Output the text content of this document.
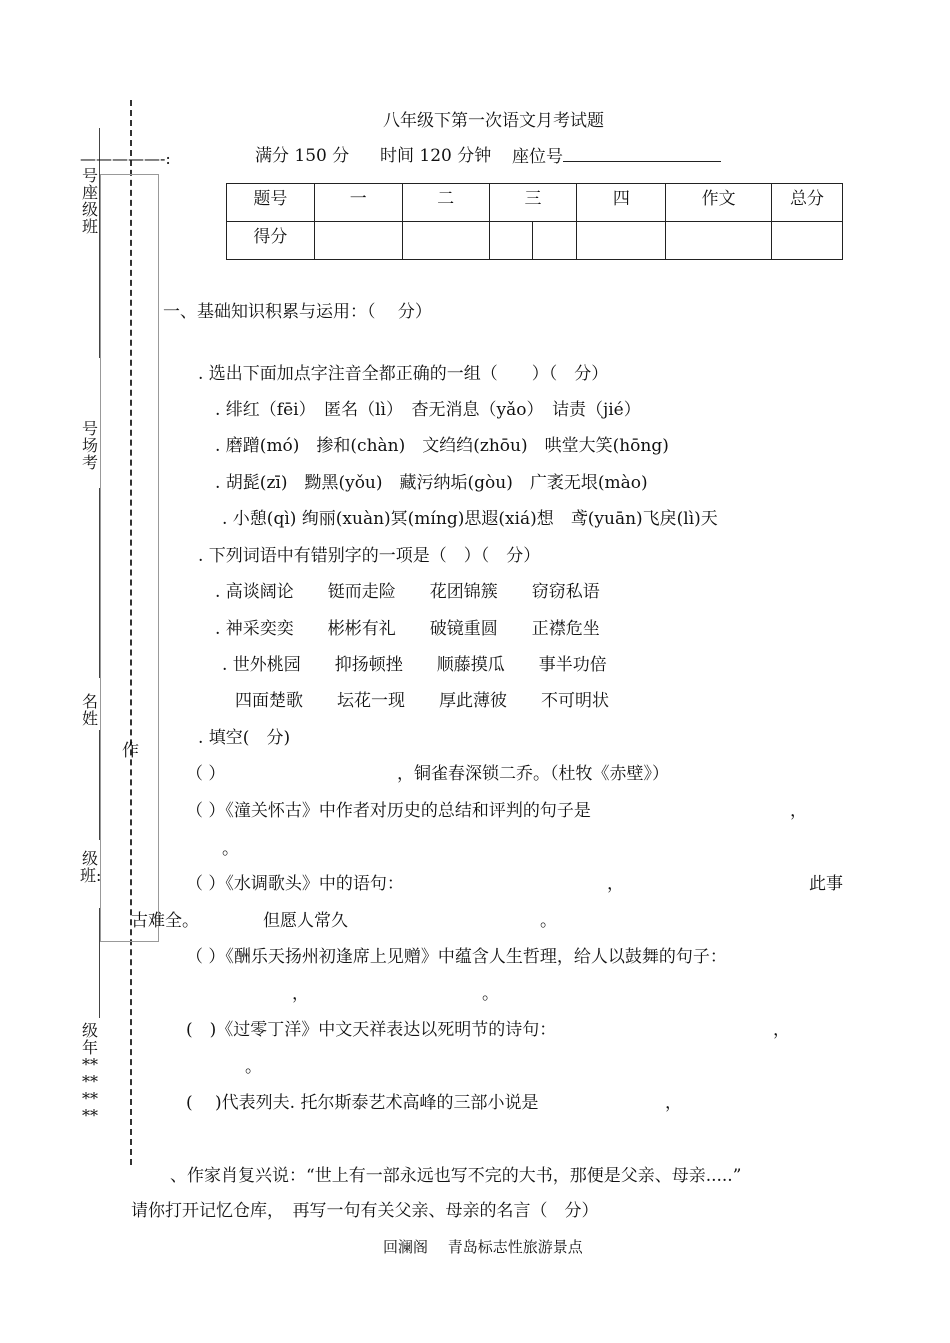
—————-:号座级班
号场考
名姓
作
级班:
级年********
八年级下第一次语文月考试题
满分 150 分 时间 120 分钟 座位号
题号	一	二	三	四	作文	总分
得分			

一、基础知识积累与运用：（　 分）
. 选出下面加点字注音全都正确的一组（　　）（　分）
. 绯红（fēi）　匿名（lì）　杳无消息（yǎo）　诘责（jié）
. 磨蹭(mó)　掺和(chàn)　文绉绉(zhōu)　哄堂大笑(hōng)
. 胡髭(zī)　黝黑(yǒu)　藏污纳垢(gòu)　广袤无垠(mào)
. 小憩(qì) 绚丽(xuàn)冥(míng)思遐(xiá)想　鸢(yuān)飞戾(lì)天
. 下列词语中有错别字的一项是（　）（　分）
. 高谈阔论　　铤而走险　　花团锦簇　　窃窃私语
. 神采奕奕　　彬彬有礼　　破镜重圆　　正襟危坐
. 世外桃园　　抑扬顿挫　　顺藤摸瓜　　事半功倍
四面楚歌　　坛花一现　　厚此薄彼　　不可明状
. 填空(　分)
（ ）	，铜雀春深锁二乔。（杜牧《赤壁》）
（ ）《潼关怀古》中作者对历史的总结和评判的句子是	，
。
（ ）《水调歌头》中的语句：	，	此事
古难全。	但愿人常久	。
（ ）《酬乐天扬州初逢席上见赠》中蕴含人生哲理，给人以鼓舞的句子：
，	。
(　)《过零丁洋》中文天祥表达以死明节的诗句：	，
。
(　 )代表列夫. 托尔斯泰艺术高峰的三部小说是	，
、作家肖复兴说：“世上有一部永远也写不完的大书，那便是父亲、母亲.....”
请你打开记忆仓库，　再写一句有关父亲、母亲的名言（　分）
回澜阁　 青岛标志性旅游景点
